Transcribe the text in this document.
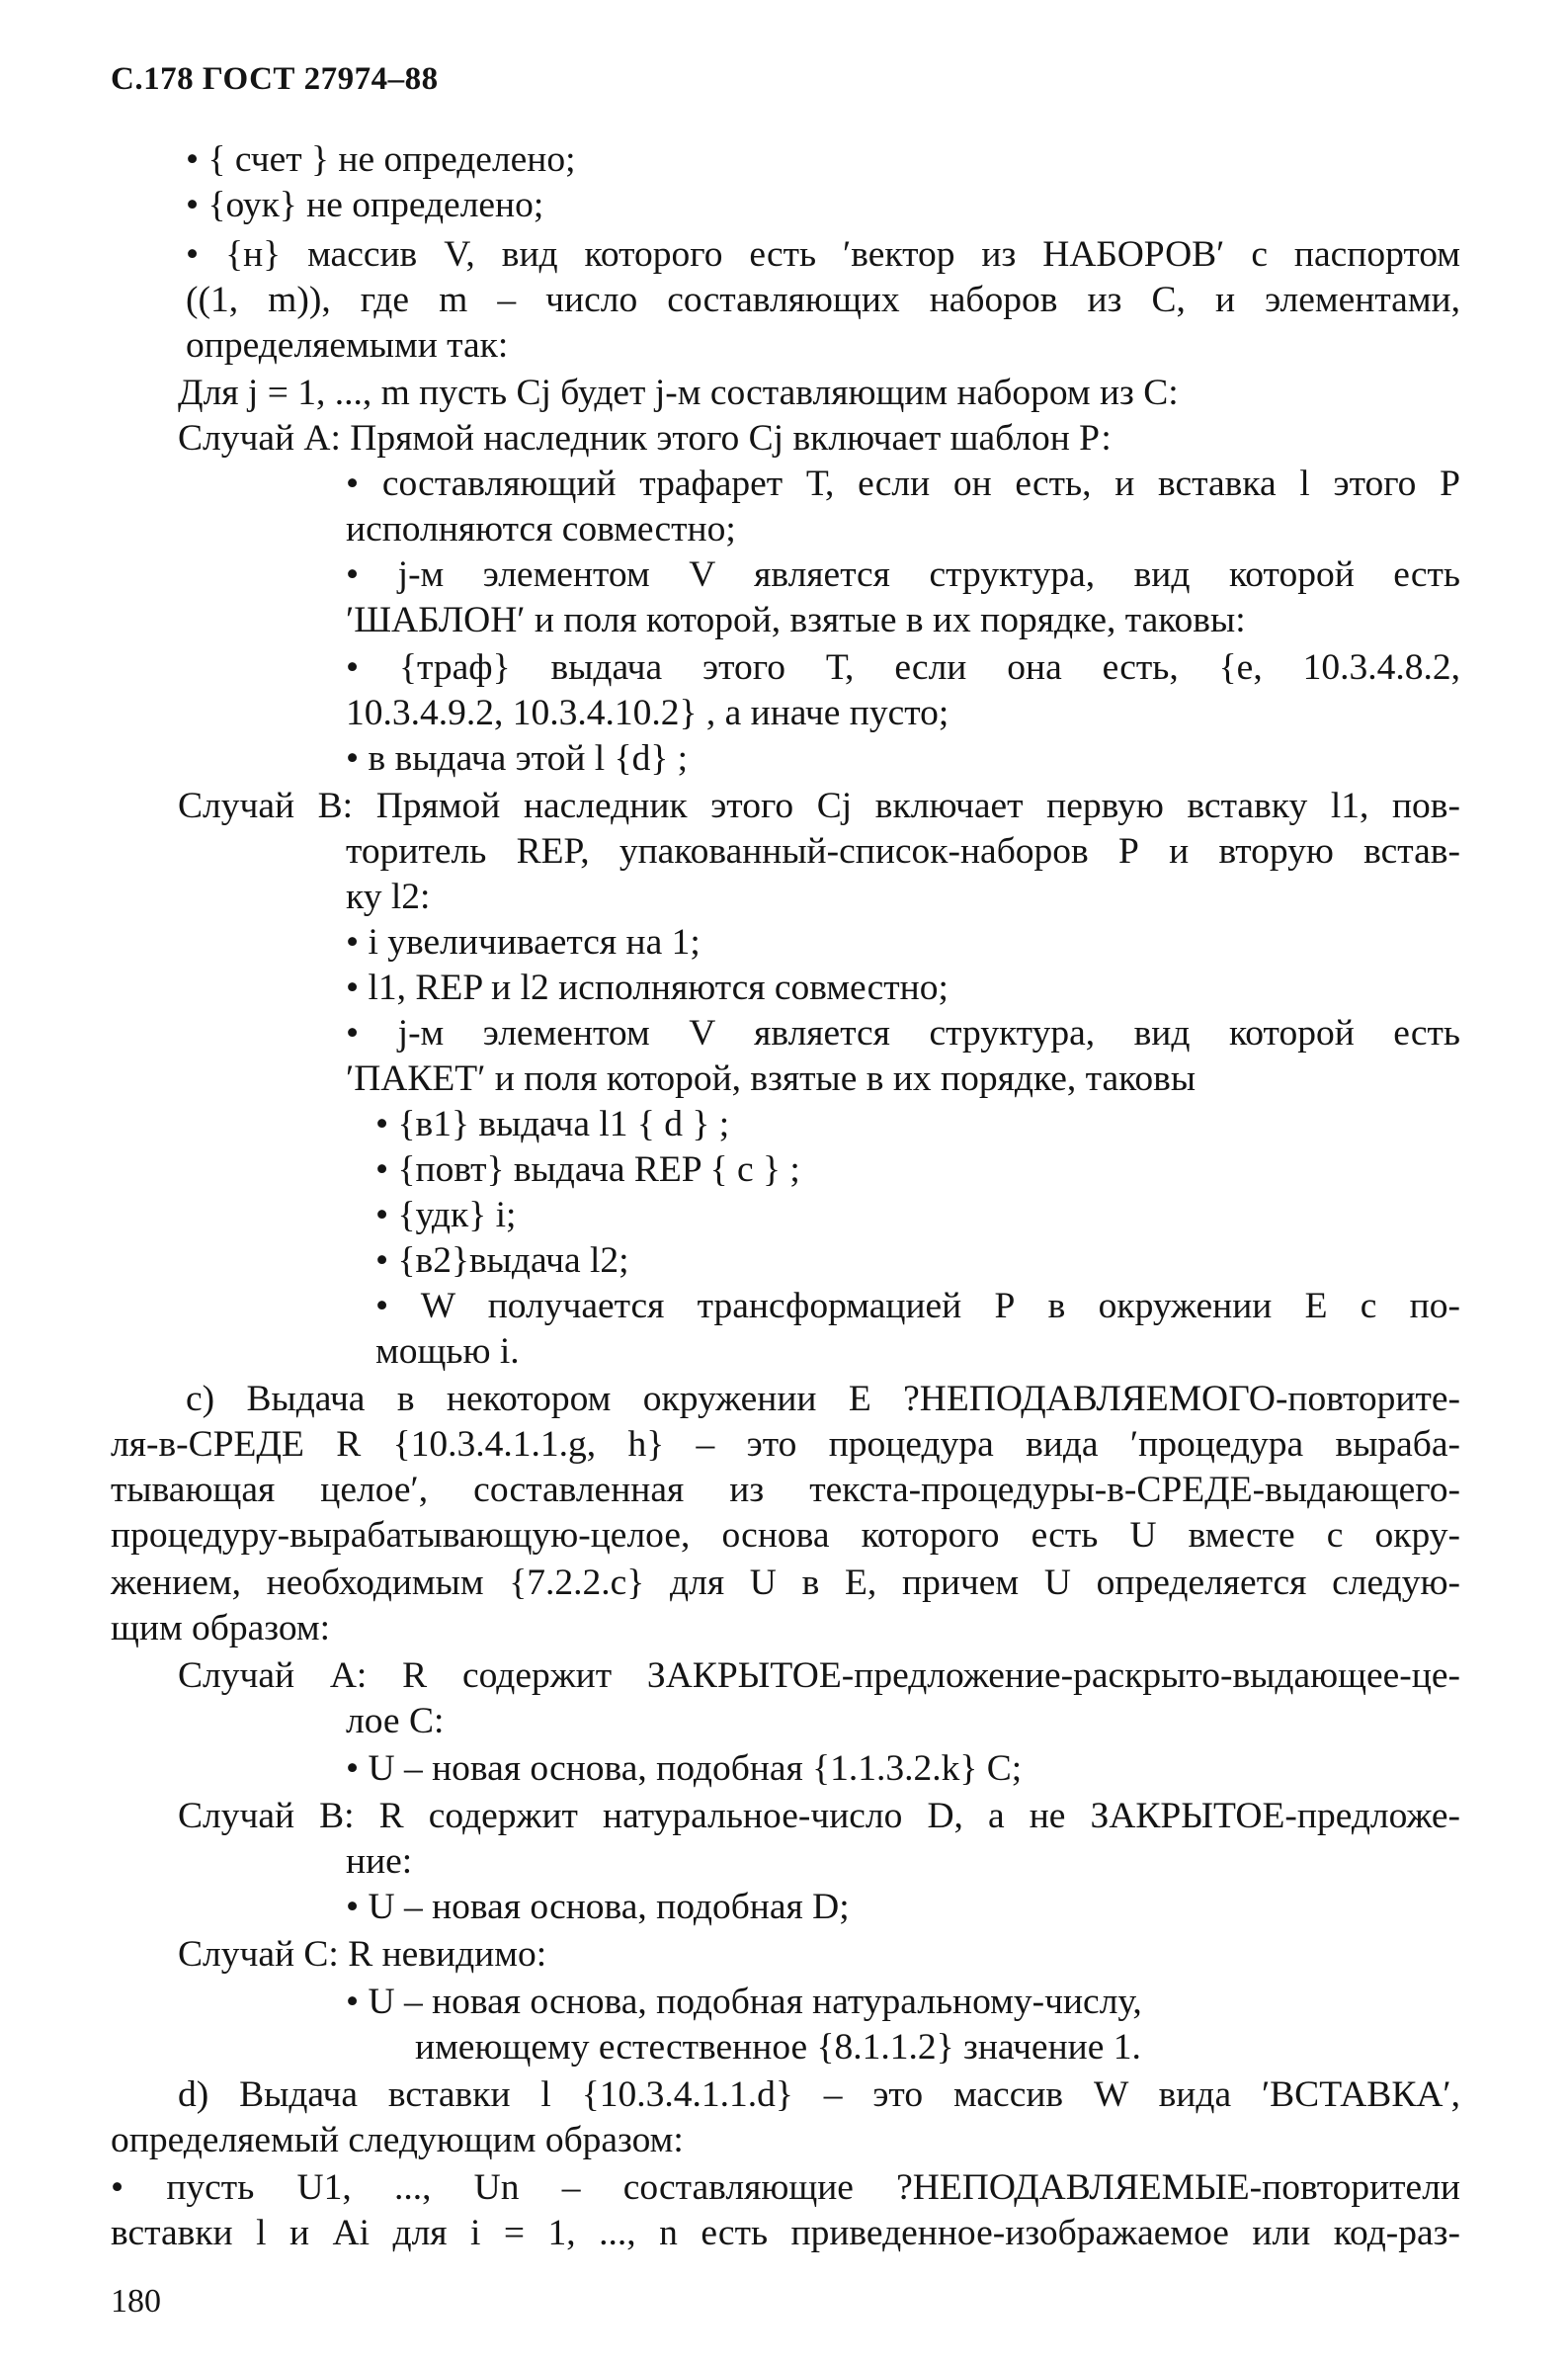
С.178 ГОСТ 27974–88
• { счет } не определено;
• {оук} не определено;
• {н} массив V, вид которого есть ′вектор из НАБОРОВ′ с паспортом
((1, m)), где m – число составляющих наборов из С, и элементами,
определяемыми так:
Для j = 1, ..., m пусть Cj будет j-м составляющим набором из С:
Случай А: Прямой наследник этого Cj включает шаблон Р:
• составляющий трафарет Т, если он есть, и вставка l этого Р
исполняются совместно;
• j-м элементом V является структура, вид которой есть
′ШАБЛОН′ и поля которой, взятые в их порядке, таковы:
• {траф} выдача этого Т, если она есть, {e, 10.3.4.8.2,
10.3.4.9.2, 10.3.4.10.2} , а иначе пусто;
• в выдача этой l {d} ;
Случай В: Прямой наследник этого Cj включает первую вставку l1, пов-
торитель REP, упакованный-список-наборов Р и вторую встав-
ку l2:
• i увеличивается на 1;
• l1, REP и l2 исполняются совместно;
• j-м элементом V является структура, вид которой есть
′ПАКЕТ′ и поля которой, взятые в их порядке, таковы
• {в1} выдача l1 { d } ;
• {повт} выдача REP { c } ;
• {удк} i;
• {в2}выдача l2;
• W получается трансформацией Р в окружении Е с по-
мощью i.
с) Выдача в некотором окружении Е ?НЕПОДАВЛЯЕМОГО-повторите-
ля-в-СРЕДЕ R {10.3.4.1.1.g, h} – это процедура вида ′процедура выраба-
тывающая целое′, составленная из текста-процедуры-в-СРЕДЕ-выдающего-
процедуру-вырабатывающую-целое, основа которого есть U вместе с окру-
жением, необходимым {7.2.2.c} для U в Е, причем U определяется следую-
щим образом:
Случай А: R содержит ЗАКРЫТОЕ-предложение-раскрыто-выдающее-це-
лое С:
• U – новая основа, подобная {1.1.3.2.k} С;
Случай В: R содержит натуральное-число D, а не ЗАКРЫТОЕ-предложе-
ние:
• U – новая основа, подобная D;
Случай С: R невидимо:
• U – новая основа, подобная натуральному-числу,
имеющему естественное {8.1.1.2} значение 1.
d) Выдача вставки l {10.3.4.1.1.d} – это массив W вида ′ВСТАВКА′,
определяемый следующим образом:
• пусть U1, ..., Un – составляющие ?НЕПОДАВЛЯЕМЫЕ-повторители
вставки l и Ai для i = 1, ..., n есть приведенное-изображаемое или код-раз-
180
